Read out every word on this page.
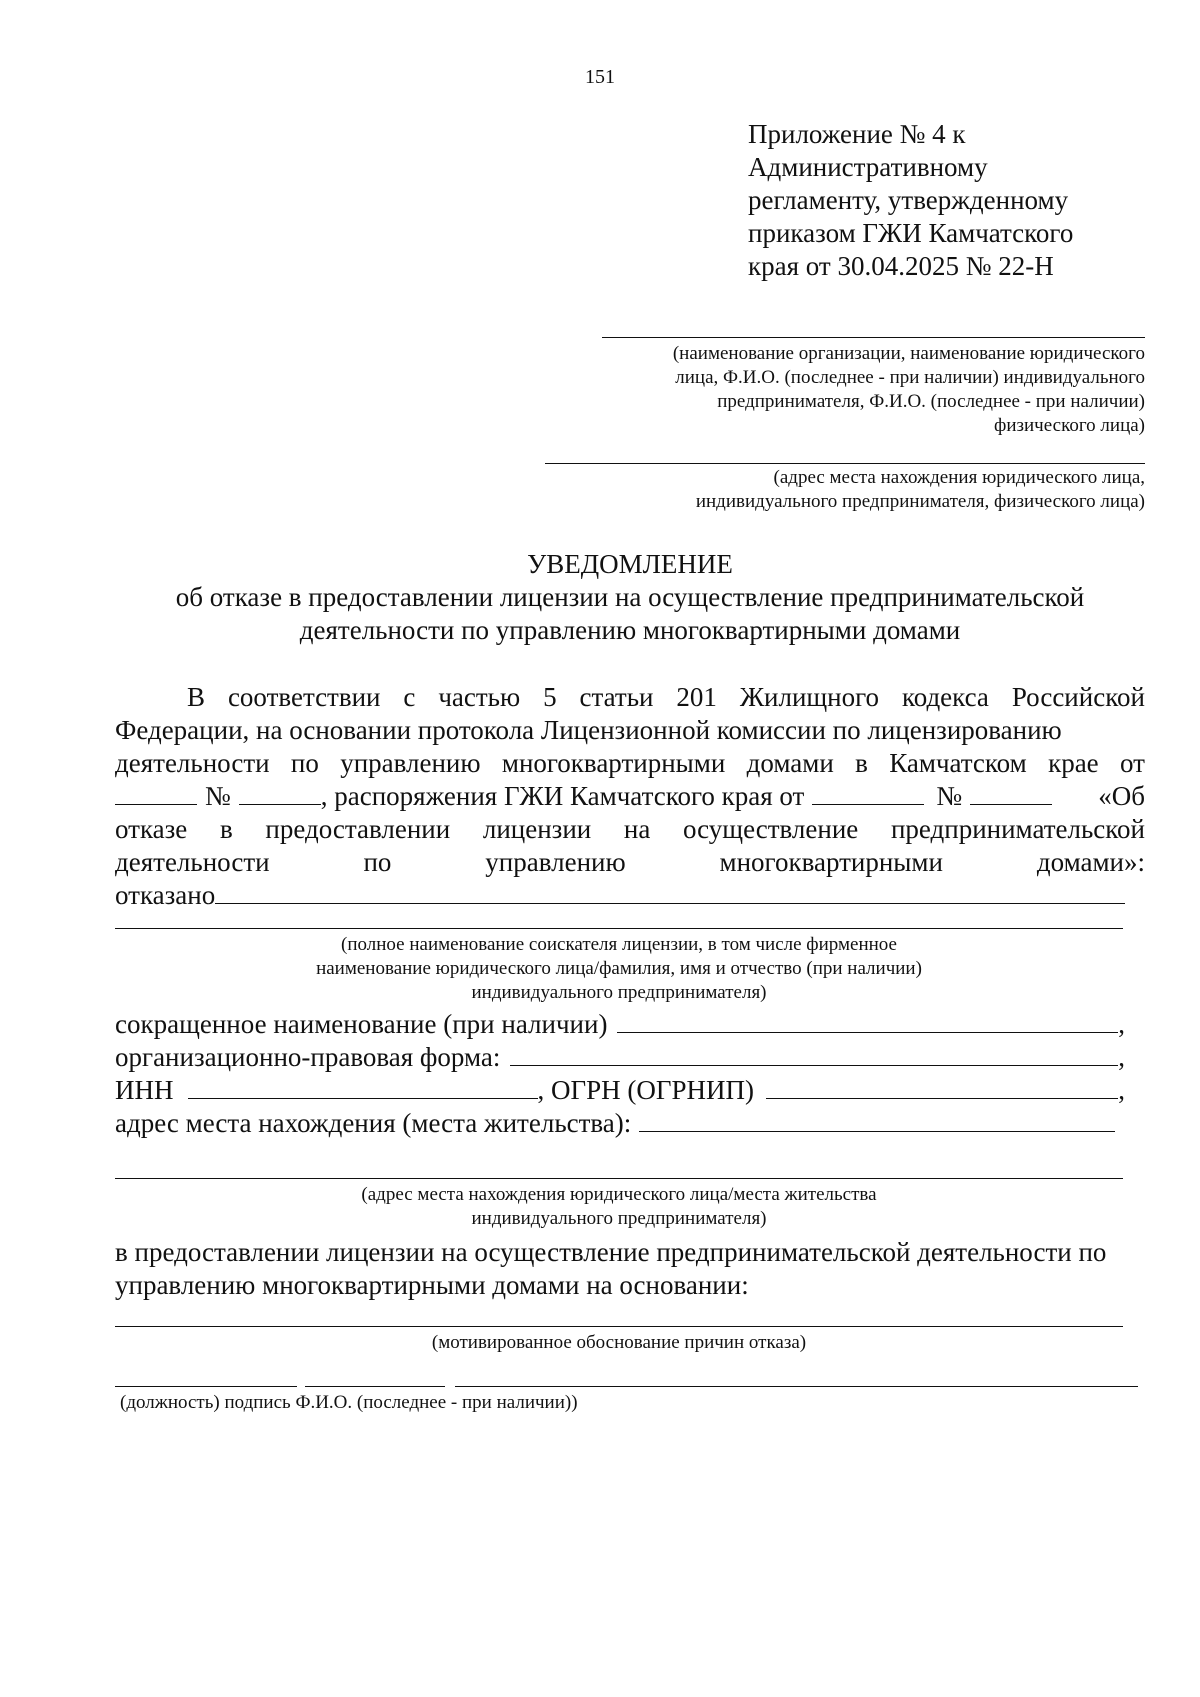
151
Приложение № 4 к
Административному
регламенту, утвержденному
приказом ГЖИ Камчатского
края от 30.04.2025 № 22-Н
(наименование организации, наименование юридического
лица, Ф.И.О. (последнее - при наличии) индивидуального
предпринимателя, Ф.И.О. (последнее - при наличии)
физического лица)
(адрес места нахождения юридического лица,
индивидуального предпринимателя, физического лица)
УВЕДОМЛЕНИЕ
об отказе в предоставлении лицензии на осуществление предпринимательской
деятельности по управлению многоквартирными домами
В соответствии с частью 5 статьи 201 Жилищного кодекса Российской
Федерации, на основании протокола Лицензионной комиссии по лицензированию
деятельности по управлению многоквартирными домами в Камчатском крае от
№	, распоряжения ГЖИ Камчатского края от	№	«Об
отказе в предоставлении лицензии на осуществление предпринимательской
деятельности	по	управлению	многоквартирными	домами»:
отказано
(полное наименование соискателя лицензии, в том числе фирменное
наименование юридического лица/фамилия, имя и отчество (при наличии)
индивидуального предпринимателя)
сокращенное наименование (при наличии)	,
организационно-правовая форма:	,
ИНН	, ОГРН (ОГРНИП)	,
адрес места нахождения (места жительства):
(адрес места нахождения юридического лица/места жительства
индивидуального предпринимателя)
в предоставлении лицензии на осуществление предпринимательской деятельности по
управлению многоквартирными домами на основании:
(мотивированное обоснование причин отказа)
(должность) подпись Ф.И.О. (последнее - при наличии))
